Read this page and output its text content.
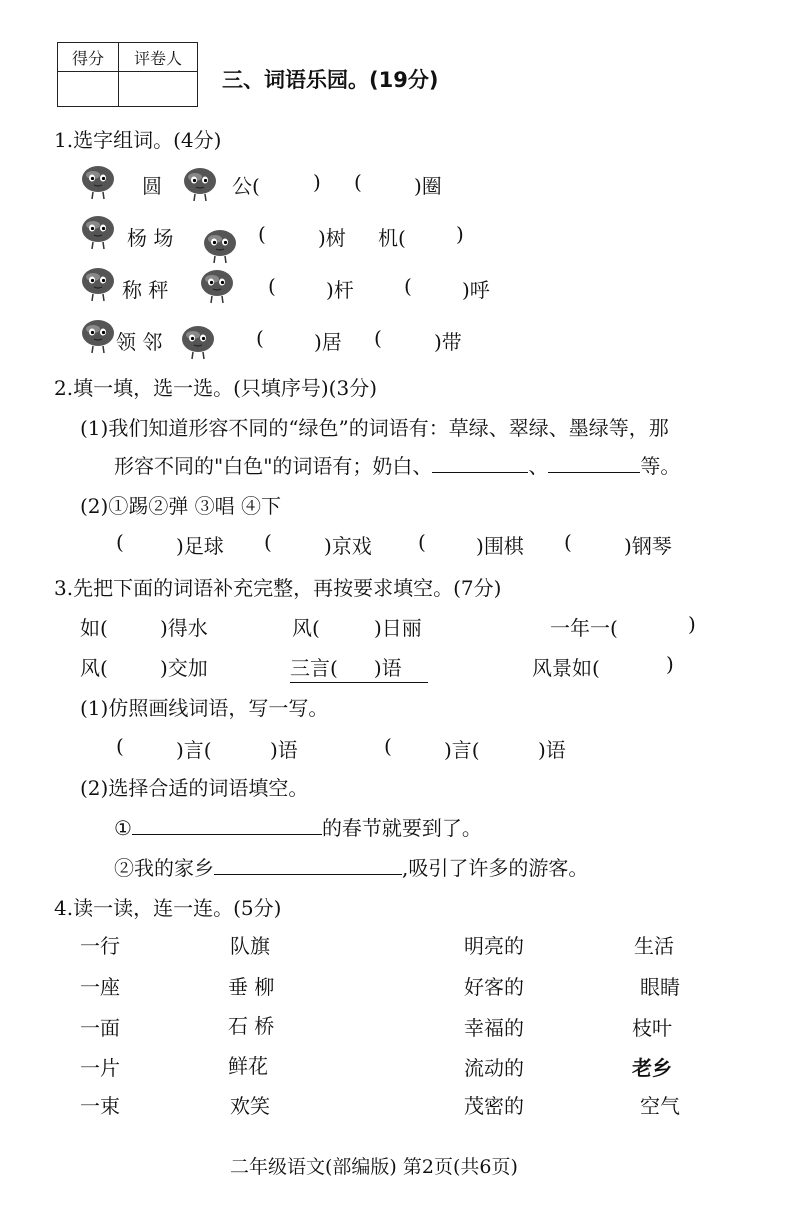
得分	评卷人

三、词语乐园。(19分)
1.选字组词。(4分)
圆	公(	) (	)圈
杨 场	(	)树 机(	)
称 秤	(	)杆	(	)呼
领 邻	(	)居 (	)带
2.填一填，选一选。(只填序号)(3分)
(1)我们知道形容不同的“绿色”的词语有：草绿、翠绿、墨绿等，那
形容不同的"白色"的词语有；奶白、	、	等。
(2)①踢②弹 ③唱 ④下
(	)足球 (	)京戏 (	)围棋 (	)钢琴
3.先把下面的词语补充完整，再按要求填空。(7分)
如(	)得水	风(	)日丽	一年一(	)
风(	)交加	三言( )语	风景如(	)
(1)仿照画线词语，写一写。
(	)言(	)语	(	)言(	)语
(2)选择合适的词语填空。
①	的春节就要到了。
②我的家乡	,吸引了许多的游客。
4.读一读，连一连。(5分)
一行
一座
一面
一片
一束
队旗
垂 柳
石 桥
鲜花
欢笑
明亮的
好客的
幸福的
流动的
茂密的
生活
眼睛
枝叶
老乡
空气
二年级语文(部编版) 第2页(共6页)
